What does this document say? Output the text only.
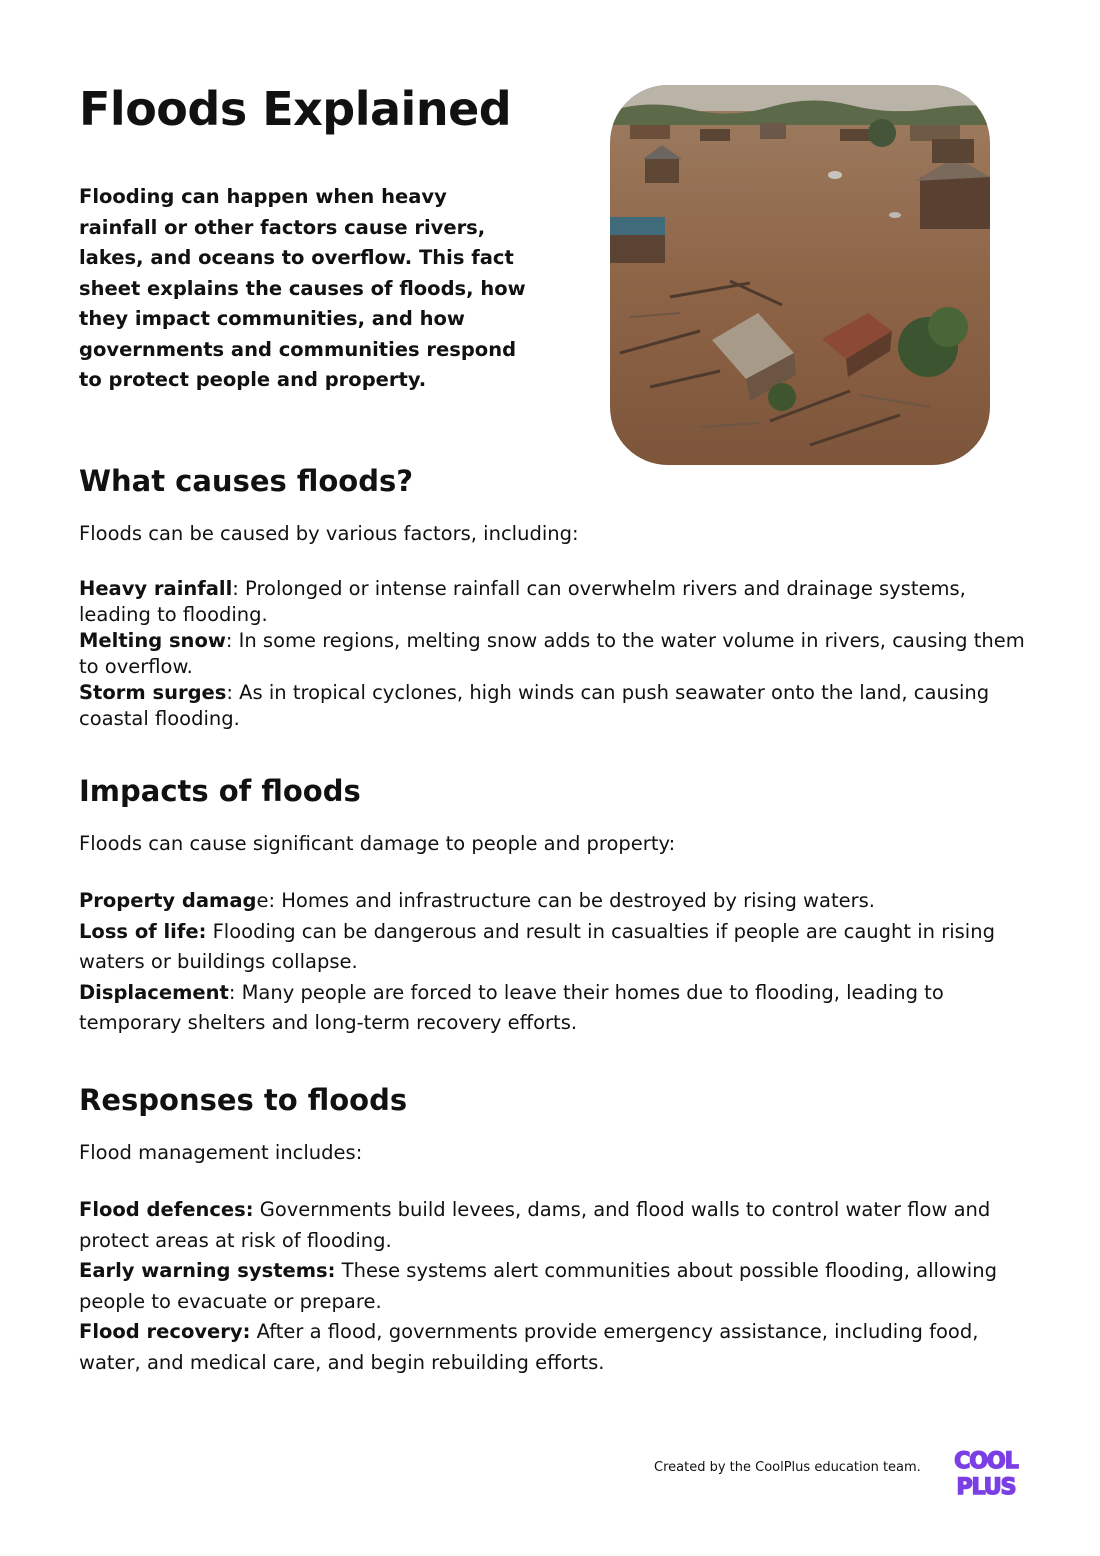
Floods Explained

Flooding can happen when heavy rainfall or other factors cause rivers, lakes, and oceans to overflow. This fact sheet explains the causes of floods, how they impact communities, and how governments and communities respond to protect people and property.

What causes floods?

Floods can be caused by various factors, including:

Heavy rainfall: Prolonged or intense rainfall can overwhelm rivers and drainage systems, leading to flooding.

Melting snow: In some regions, melting snow adds to the water volume in rivers, causing them to overflow.

Storm surges: As in tropical cyclones, high winds can push seawater onto the land, causing coastal flooding.

Impacts of floods

Floods can cause significant damage to people and property:

Property damage: Homes and infrastructure can be destroyed by rising waters.

Loss of life: Flooding can be dangerous and result in casualties if people are caught in rising waters or buildings collapse.

Displacement: Many people are forced to leave their homes due to flooding, leading to temporary shelters and long-term recovery efforts.

Responses to floods

Flood management includes:

Flood defences: Governments build levees, dams, and flood walls to control water flow and protect areas at risk of flooding.

Early warning systems: These systems alert communities about possible flooding, allowing people to evacuate or prepare.

Flood recovery: After a flood, governments provide emergency assistance, including food, water, and medical care, and begin rebuilding efforts.

Created by the CoolPlus education team. COOL
PLUS
